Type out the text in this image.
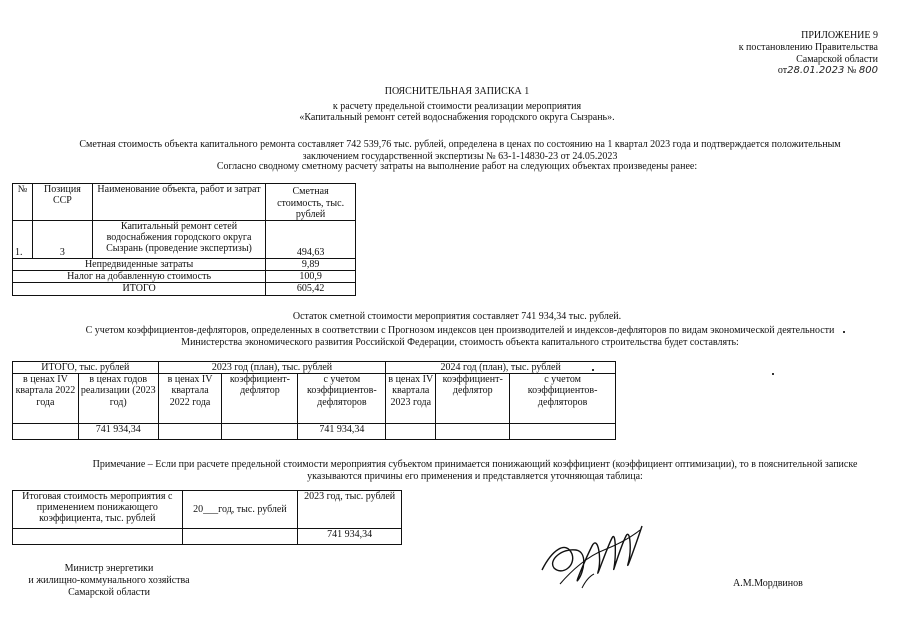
ПРИЛОЖЕНИЕ 9
к постановлению Правительства
Самарской области
от28.01.2023 № 800
ПОЯСНИТЕЛЬНАЯ ЗАПИСКА 1
к расчету предельной стоимости реализации мероприятия
«Капитальный ремонт сетей водоснабжения городского округа Сызрань».
Сметная стоимость объекта капитального ремонта составляет 742 539,76 тыс. рублей, определена в ценах по состоянию на 1 квартал 2023 года и подтверждается положительным
заключением государственной экспертизы № 63-1-14830-23 от 24.05.2023
Согласно сводному сметному расчету затраты на выполнение работ на следующих объектах произведены ранее:
№	Позиция ССР	Наименование объекта, работ и затрат	Сметная стоимость, тыс. рублей
1.	3	Капитальный ремонт сетей водоснабжения городского округа Сызрань (проведение экспертизы)	494,63
Непредвиденные затраты			9,89
Налог на добавленную стоимость			100,9
ИТОГО			605,42
Остаток сметной стоимости мероприятия составляет 741 934,34 тыс. рублей.
С учетом коэффициентов-дефляторов, определенных в соответствии с Прогнозом индексов цен производителей и индексов-дефляторов по видам экономической деятельности
Министерства экономического развития Российской Федерации, стоимость объекта капитального строительства будет составлять:
ИТОГО, тыс. рублей		2023 год (план), тыс. рублей			2024 год (план), тыс. рублей		
в ценах IV квартала 2022 года	в ценах годов реализации (2023 год)	в ценах IV квартала 2022 года	коэффициент-дефлятор	с учетом коэффициентов-дефляторов	в ценах IV квартала 2023 года	коэффициент-дефлятор	с учетом коэффициентов-дефляторов
	741 934,34			741 934,34			
Примечание – Если при расчете предельной стоимости мероприятия субъектом принимается понижающий коэффициент (коэффициент оптимизации), то в пояснительной записке
указываются причины его применения и представляется уточняющая таблица:
Итоговая стоимость мероприятия с применением понижающего коэффициента, тыс. рублей	20___год, тыс. рублей	2023 год, тыс. рублей
		741 934,34
Министр энергетики
и жилищно-коммунального хозяйства
Самарской области
А.М.Мордвинов
